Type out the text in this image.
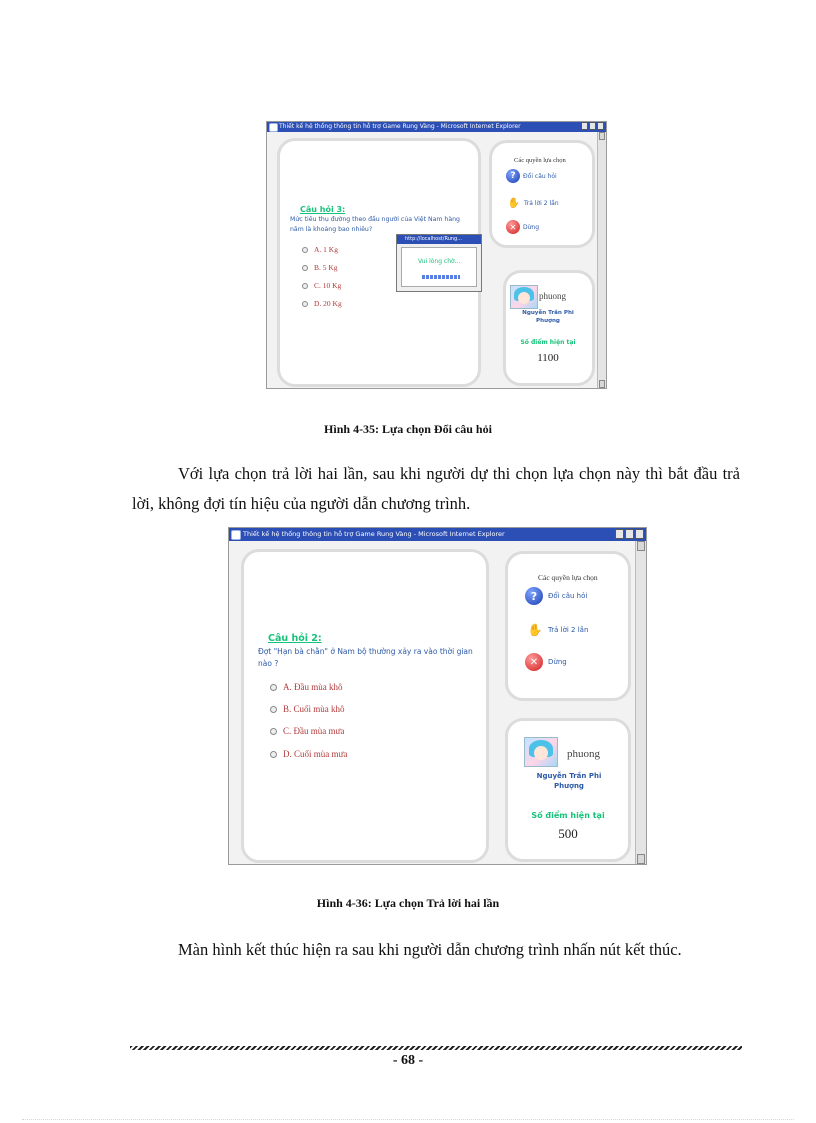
Thiết kế hệ thống thông tin hỗ trợ Game Rung Vàng - Microsoft Internet Explorer
Câu hỏi 3:
Mức tiêu thụ đường theo đầu người của Việt Nam hàng năm là khoảng bao nhiêu?
A. 1 Kg
B. 5 Kg
C. 10 Kg
D. 20 Kg
http://localhost/Rung...
Vui lòng chờ...
Các quyền lựa chọn
?	Đổi câu hỏi
✋ Trả lời 2 lần
✕	Dừng
phuong
Nguyễn Trần Phi Phượng
Số điểm hiện tại
1100
Hình 4-35: Lựa chọn Đổi câu hỏi
Với lựa chọn trả lời hai lần, sau khi người dự thi chọn lựa chọn này thì bắt đầu trả lời, không đợi tín hiệu của người dẫn chương trình.
Thiết kế hệ thống thông tin hỗ trợ Game Rung Vàng - Microsoft Internet Explorer
Câu hỏi 2:
Đợt "Hạn bà chằn" ở Nam bộ thường xảy ra vào thời gian nào ?
A. Đầu mùa khô
B. Cuối mùa khô
C. Đầu mùa mưa
D. Cuối mùa mưa
Các quyền lựa chọn
?	Đổi câu hỏi
✋ Trả lời 2 lần
✕	Dừng
phuong
Nguyễn Trần Phi Phượng
Số điểm hiện tại
500
Hình 4-36: Lựa chọn Trả lời hai lần
Màn hình kết thúc hiện ra sau khi người dẫn chương trình nhấn nút kết thúc.
- 68 -
